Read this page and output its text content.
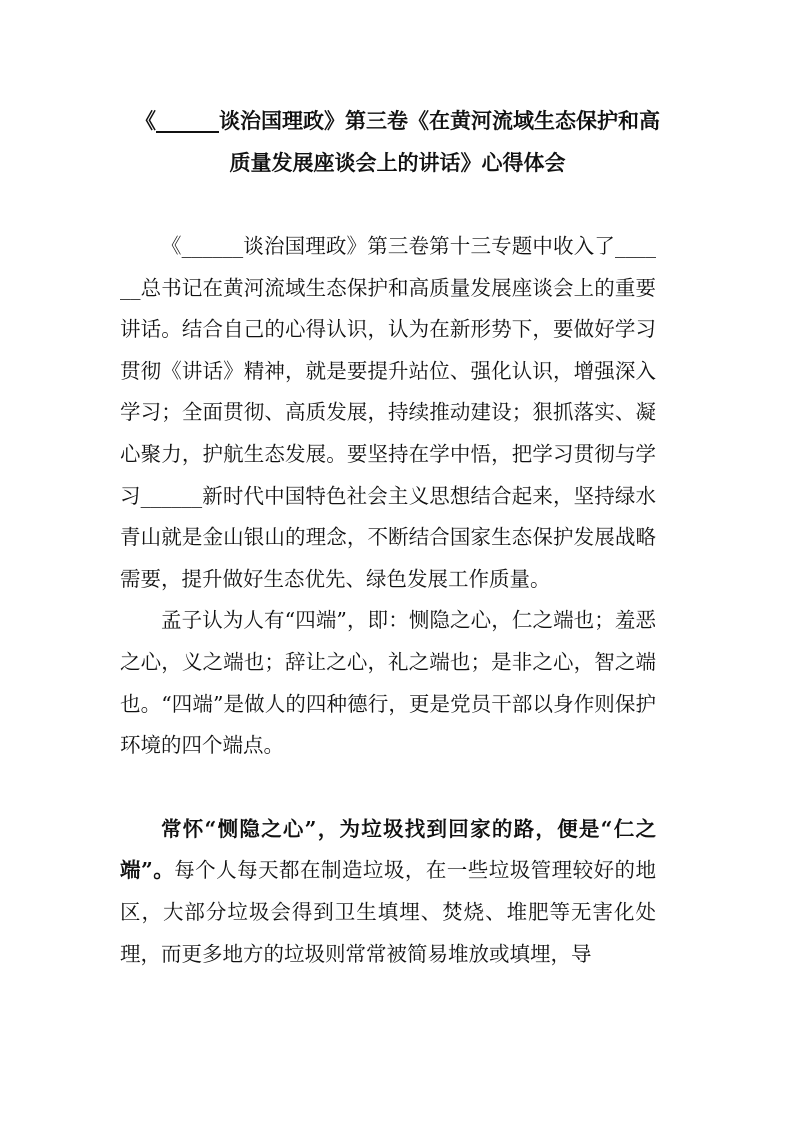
《______谈治国理政》第三卷《在黄河流域生态保护和高
质量发展座谈会上的讲话》心得体会

《______谈治国理政》第三卷第十三专题中收入了______总书记在黄河流域生态保护和高质量发展座谈会上的重要讲话。结合自己的心得认识，认为在新形势下，要做好学习贯彻《讲话》精神，就是要提升站位、强化认识，增强深入学习；全面贯彻、高质发展，持续推动建设；狠抓落实、凝心聚力，护航生态发展。要坚持在学中悟，把学习贯彻与学习______新时代中国特色社会主义思想结合起来，坚持绿水青山就是金山银山的理念，不断结合国家生态保护发展战略需要，提升做好生态优先、绿色发展工作质量。

孟子认为人有“四端”，即：恻隐之心，仁之端也；羞恶之心，义之端也；辞让之心，礼之端也；是非之心，智之端也。“四端”是做人的四种德行，更是党员干部以身作则保护环境的四个端点。

常怀“恻隐之心”，为垃圾找到回家的路，便是“仁之端”。每个人每天都在制造垃圾，在一些垃圾管理较好的地区，大部分垃圾会得到卫生填埋、焚烧、堆肥等无害化处理，而更多地方的垃圾则常常被简易堆放或填埋，导
